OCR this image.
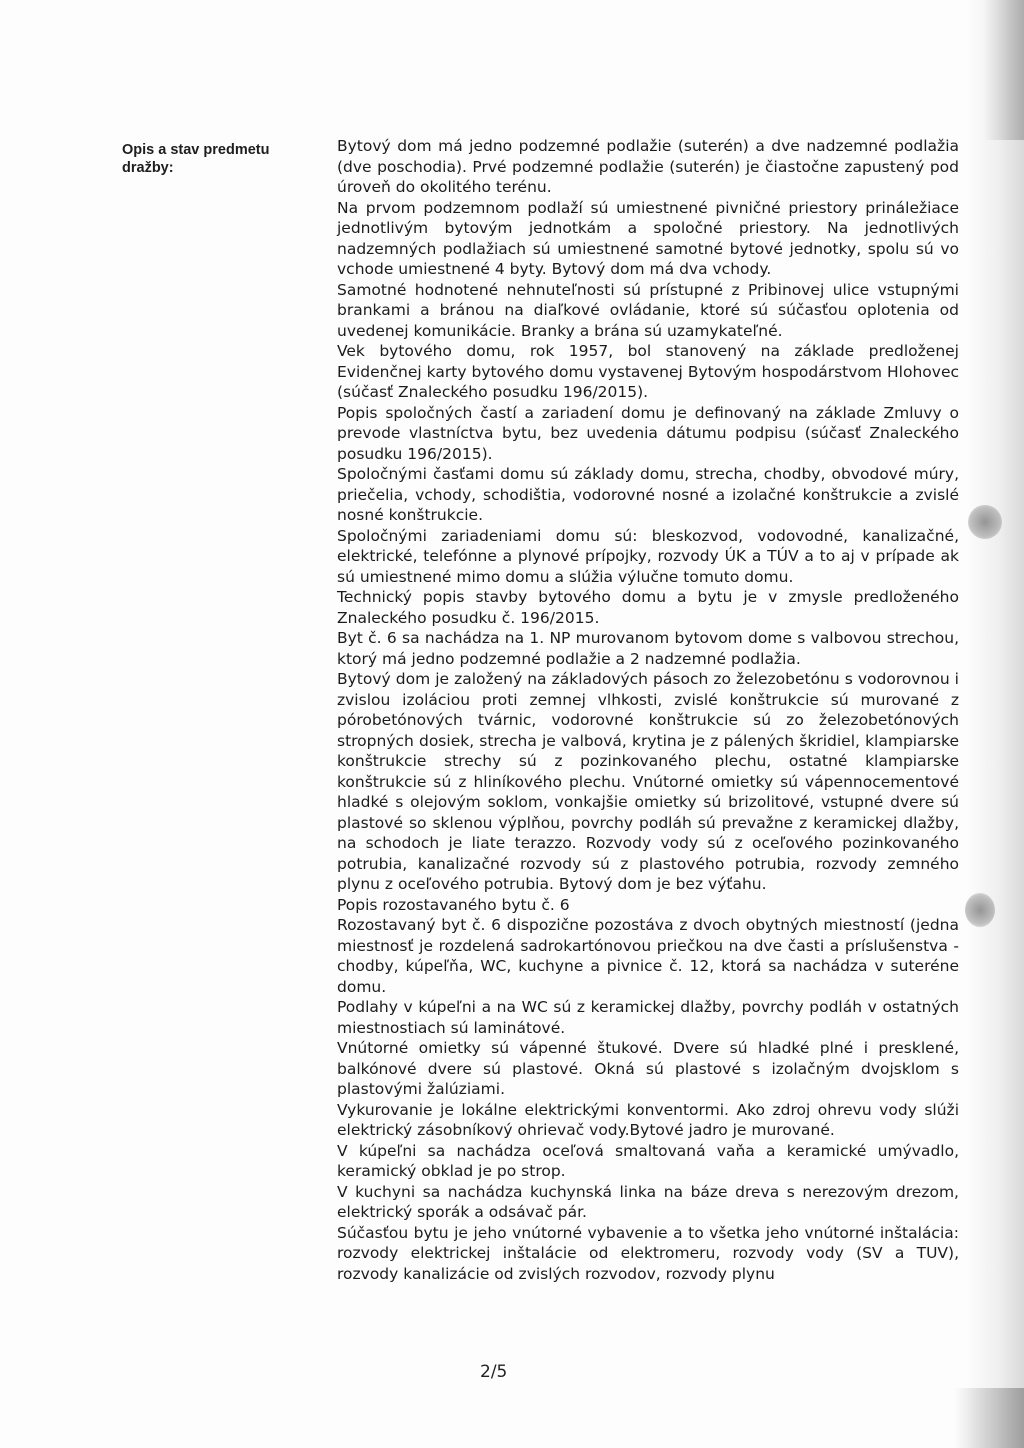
Opis a stav predmetu dražby:

Bytový dom má jedno podzemné podlažie (suterén) a dve nadzemné podlažia (dve poschodia). Prvé podzemné podlažie (suterén) je čiastočne zapustený pod úroveň do okolitého terénu.

Na prvom podzemnom podlaží sú umiestnené pivničné priestory prináležiace jednotlivým bytovým jednotkám a spoločné priestory. Na jednotlivých nadzemných podlažiach sú umiestnené samotné bytové jednotky, spolu sú vo vchode umiestnené 4 byty. Bytový dom má dva vchody.

Samotné hodnotené nehnuteľnosti sú prístupné z Pribinovej ulice vstupnými brankami a bránou na diaľkové ovládanie, ktoré sú súčasťou oplotenia od uvedenej komunikácie. Branky a brána sú uzamykateľné.

Vek bytového domu, rok 1957, bol stanovený na základe predloženej Evidenčnej karty bytového domu vystavenej Bytovým hospodárstvom Hlohovec (súčasť Znaleckého posudku 196/2015).

Popis spoločných častí a zariadení domu je definovaný na základe Zmluvy o prevode vlastníctva bytu, bez uvedenia dátumu podpisu (súčasť Znaleckého posudku 196/2015).

Spoločnými časťami domu sú základy domu, strecha, chodby, obvodové múry, priečelia, vchody, schodištia, vodorovné nosné a izolačné konštrukcie a zvislé nosné konštrukcie.

Spoločnými zariadeniami domu sú: bleskozvod, vodovodné, kanalizačné, elektrické, telefónne a plynové prípojky, rozvody ÚK a TÚV a to aj v prípade ak sú umiestnené mimo domu a slúžia výlučne tomuto domu.

Technický popis stavby bytového domu a bytu je v zmysle predloženého Znaleckého posudku č. 196/2015.

Byt č. 6 sa nachádza na 1. NP murovanom bytovom dome s valbovou strechou, ktorý má jedno podzemné podlažie a 2 nadzemné podlažia.

Bytový dom je založený na základových pásoch zo železobetónu s vodorovnou i zvislou izoláciou proti zemnej vlhkosti, zvislé konštrukcie sú murované z pórobetónových tvárnic, vodorovné konštrukcie sú zo železobetónových stropných dosiek, strecha je valbová, krytina je z pálených škridiel, klampiarske konštrukcie strechy sú z pozinkovaného plechu, ostatné klampiarske konštrukcie sú z hliníkového plechu. Vnútorné omietky sú vápennocementové hladké s olejovým soklom, vonkajšie omietky sú brizolitové, vstupné dvere sú plastové so sklenou výplňou, povrchy podláh sú prevažne z keramickej dlažby, na schodoch je liate terazzo. Rozvody vody sú z oceľového pozinkovaného potrubia, kanalizačné rozvody sú z plastového potrubia, rozvody zemného plynu z oceľového potrubia. Bytový dom je bez výťahu.

Popis rozostavaného bytu č. 6

Rozostavaný byt č. 6 dispozične pozostáva z dvoch obytných miestností (jedna miestnosť je rozdelená sadrokartónovou priečkou na dve časti a príslušenstva - chodby, kúpeľňa, WC, kuchyne a pivnice č. 12, ktorá sa nachádza v suteréne domu.

Podlahy v kúpeľni a na WC sú z keramickej dlažby, povrchy podláh v ostatných miestnostiach sú laminátové.

Vnútorné omietky sú vápenné štukové. Dvere sú hladké plné i presklené, balkónové dvere sú plastové. Okná sú plastové s izolačným dvojsklom s plastovými žalúziami.

Vykurovanie je lokálne elektrickými konventormi. Ako zdroj ohrevu vody slúži elektrický zásobníkový ohrievač vody.Bytové jadro je murované.

V kúpeľni sa nachádza oceľová smaltovaná vaňa a keramické umývadlo, keramický obklad je po strop.

V kuchyni sa nachádza kuchynská linka na báze dreva s nerezovým drezom, elektrický sporák a odsávač pár.

Súčasťou bytu je jeho vnútorné vybavenie a to všetka jeho vnútorné inštalácia: rozvody elektrickej inštalácie od elektromeru, rozvody vody (SV a TUV), rozvody kanalizácie od zvislých rozvodov, rozvody plynu

2/5
